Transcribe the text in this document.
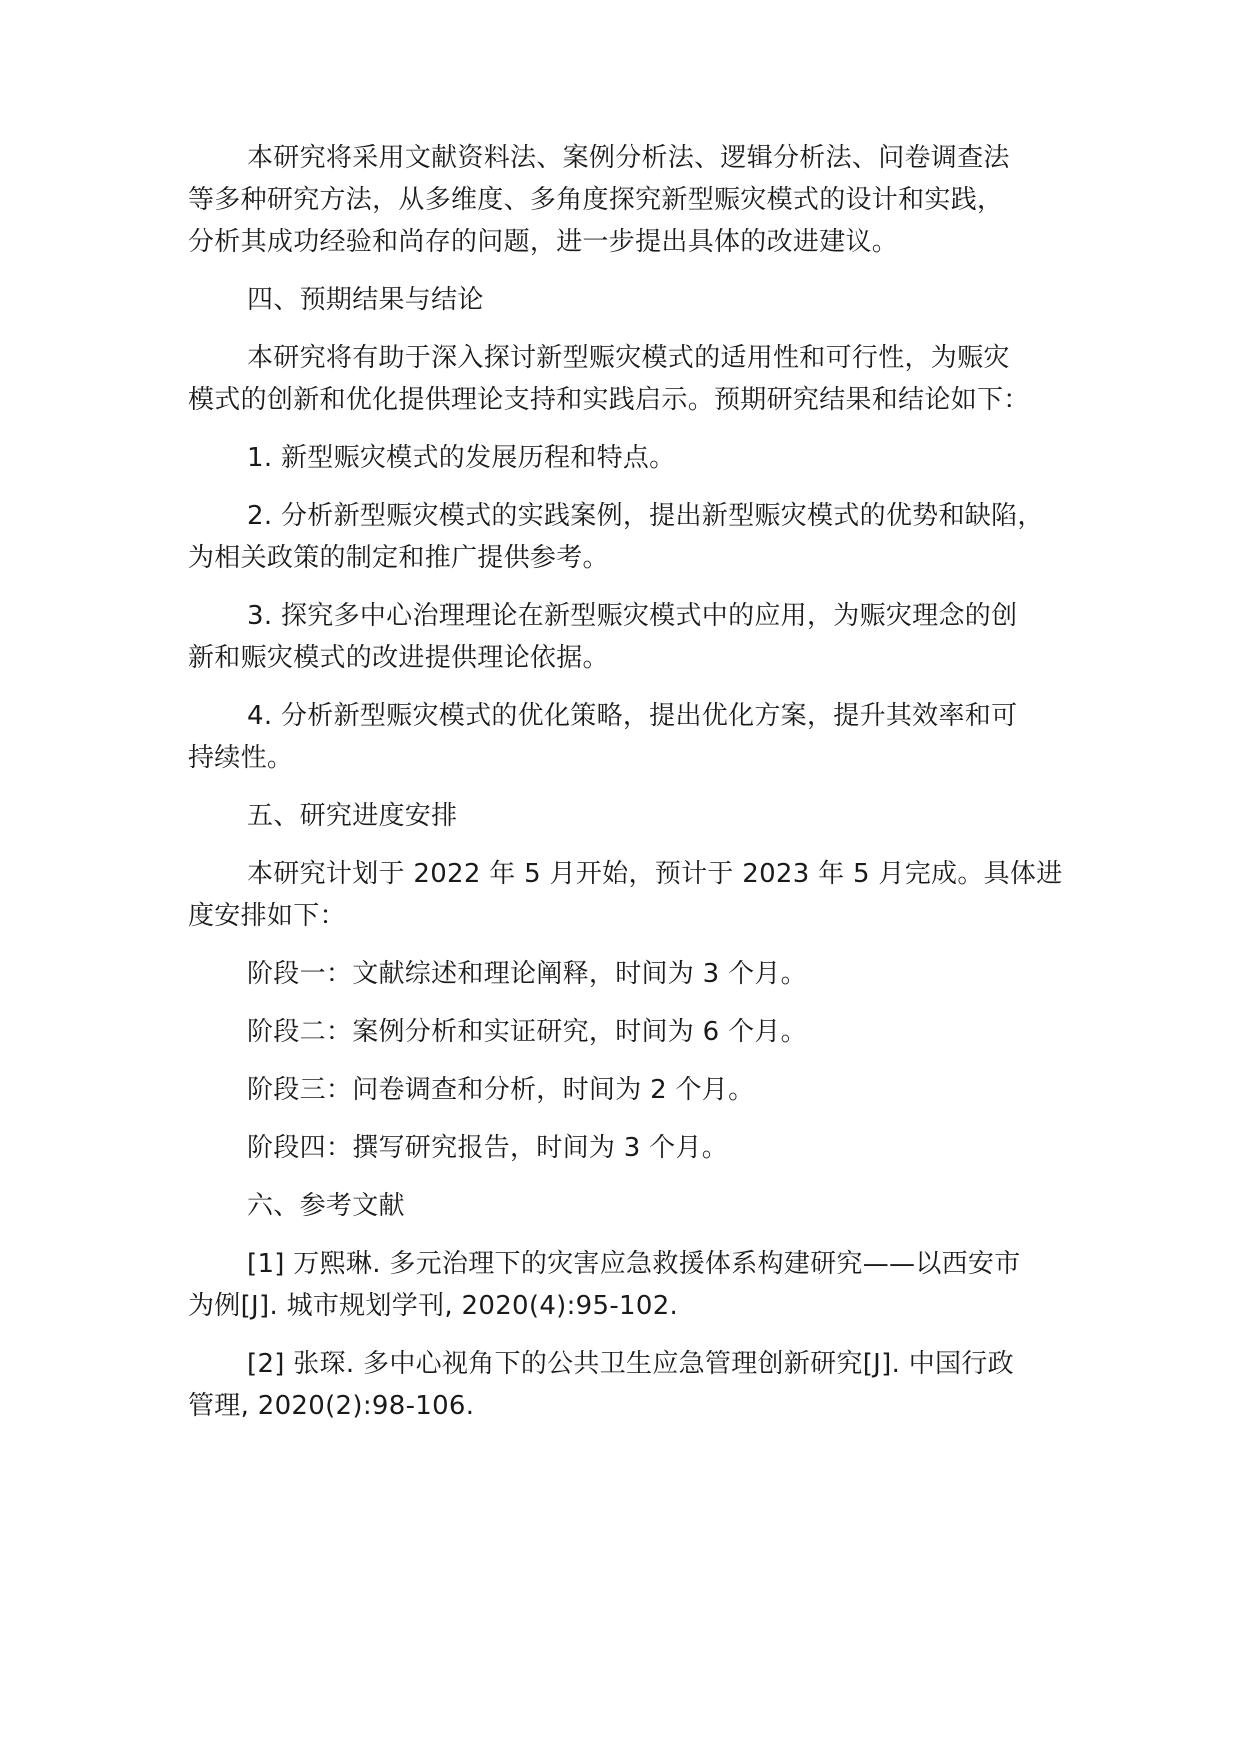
本研究将采用文献资料法、案例分析法、逻辑分析法、问卷调查法

等多种研究方法，从多维度、多角度探究新型赈灾模式的设计和实践，

分析其成功经验和尚存的问题，进一步提出具体的改进建议。

四、预期结果与结论

本研究将有助于深入探讨新型赈灾模式的适用性和可行性，为赈灾

模式的创新和优化提供理论支持和实践启示。预期研究结果和结论如下：

1. 新型赈灾模式的发展历程和特点。

2. 分析新型赈灾模式的实践案例，提出新型赈灾模式的优势和缺陷，

为相关政策的制定和推广提供参考。

3. 探究多中心治理理论在新型赈灾模式中的应用，为赈灾理念的创

新和赈灾模式的改进提供理论依据。

4. 分析新型赈灾模式的优化策略，提出优化方案，提升其效率和可

持续性。

五、研究进度安排

本研究计划于 2022 年 5 月开始，预计于 2023 年 5 月完成。具体进

度安排如下：

阶段一：文献综述和理论阐释，时间为 3 个月。

阶段二：案例分析和实证研究，时间为 6 个月。

阶段三：问卷调查和分析，时间为 2 个月。

阶段四：撰写研究报告，时间为 3 个月。

六、参考文献

[1] 万熙琳. 多元治理下的灾害应急救援体系构建研究——以西安市

为例[J]. 城市规划学刊, 2020(4):95-102.

[2] 张琛. 多中心视角下的公共卫生应急管理创新研究[J]. 中国行政

管理, 2020(2):98-106.
